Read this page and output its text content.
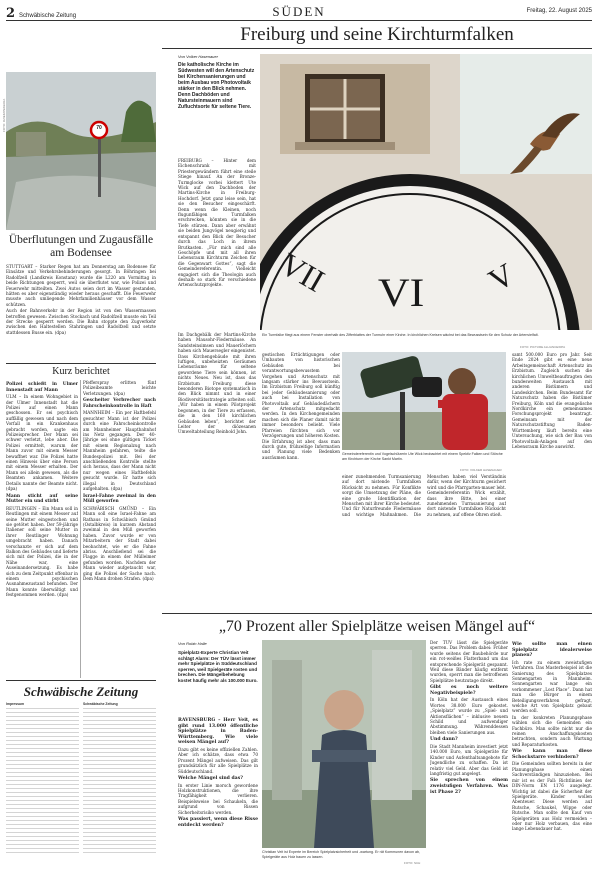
2 Schwäbische Zeitung	SÜDEN	Freitag, 22. August 2025
70
FOTO: DZIEK/PEKERJA
Überflutungen und Zugausfälle am Bodensee

STUTTGART – Starker Regen hat am Donnerstag am Bodensee für Einsätze und Verkehrsbehinderungen gesorgt. In Böhringen bei Radolfzell (Landkreis Konstanz) wurde die L220 am Vormittag in beide Richtungen gesperrt, weil sie überflutet war, wie Polizei und Feuerwehr mitteilten. Zwei Autos seien dort im Wasser gestanden, hätten es aber eigenständig wieder heraus geschafft. Die Feuerwehr musste auch umliegende Mehrfamilienhäuser vor dem Wasser schützen.

Auch der Bahnverkehr in der Region ist von den Wassermassen betroffen gewesen: Zwischen Stockach und Radolfzell musste ein Teil der Strecke gesperrt werden. Die Bahn stoppte den Zugverkehr zwischen den Haltestellen Stahringen und Radolfzell und setzte stattdessen Busse ein. (dpa)

Kurz berichtet
Polizei schießt in Ulmer Innenstadt auf Mann

ULM – In einem Wohngebiet in der Ulmer Innenstadt hat die Polizei auf einen Mann geschossen. Er sei psychisch auffällig gewesen und nach dem Vorfall in ein Krankenhaus gebracht worden, sagte ein Polizeisprecher. Der Mann sei schwer verletzt, lebe aber. Die Polizei ermittelt, warum der Mann zuvor mit einem Messer bewaffnet war. Die Polizei hatte einen Hinweis über eine Person mit einem Messer erhalten. Der Mann sei allein gewesen, als die Beamten ankamen. Weitere Details nannte der Beamte nicht. (dpa)

Mann sticht auf seine Mutter ein und stirbt

REUTLINGEN – Ein Mann soll in Reutlingen mit einem Messer auf seine Mutter eingestochen und sie getötet haben. Der 59-jährige Italiener soll seine Mutter in ihrer Reutlinger Wohnung umgebracht haben. Danach verschanzte er sich auf dem Balkon des Gebäudes und lieferte sich mit der Polizei, die in der Nähe war, eine Auseinandersetzung. Es habe sich zu dem Zeitpunkt offenbar in einem psychischen Ausnahmezustand befunden. Der Mann konnte überwältigt und festgenommen werden. (dpa)

Pfefferspray erlitten fünf Polizeibeamte leichte Verletzungen. (dpa)

Gescheiter Verbrecher nach Fahrscheinkontrolle in Haft

MANNHEIM – Ein per Haftbefehl gesuchter Mann ist der Polizei durch eine Fahrscheinkontrolle am Mannheimer Hauptbahnhof ins Netz gegangen. Der 40-Jährige sei ohne gültigen Ticket mit einem Regionalzug nach Mannheim gefahren, teilte die Bundespolizei mit. Bei der anschließenden Kontrolle stellte sich heraus, dass der Mann nicht nur wegen eines Haftbefehls gesucht wurde. Er hatte sich illegal in Deutschland aufgehalten. (dpa)

Israel-Fahne zweimal in den Müll geworfen

SCHWÄBISCH GMÜND – Ein Mann soll eine Israel-Fahne am Rathaus in Schwäbisch Gmünd (Ostalbkreis) in kurzem Abstand zweimal in den Müll geworfen haben. Zuvor wurde er von Mitarbeitern der Stadt dabei beobachtet, wie er die Fahne abriss. Anschließend sei die Flagge in einem der Mülleimer gefunden worden. Nachdem der Mann wieder aufgetaucht war, ging die Polizei der Sache nach. Dem Mann drohen Strafen. (dpa)

Schwäbische Zeitung
Impressum	Schwäbische Zeitung
Freiburg und seine Kirchturmfalken
Von Volker Hasenauer
Die katholische Kirche im Südwesten will den Artenschutz bei Kirchensanierungen und beim Ausbau von Photovoltaik stärker in den Blick nehmen. Denn Dachböden und Natursteinmauern sind Zufluchtsorte für seltene Tiere.

FREIBURG – Hinter dem Eichenschrank mit Priestergewändern führt eine steile Stiege hinauf. An der Bronze-Turmglocke vorbei klettert Ute Wick auf den Dachboden der Martins-Kirche in Freiburg-Hochdorf. Jetzt ganz leise sein, hat sie den Besucher eingeschärft. Denn wenn die Kleinen, noch flugunfähigen Turmfalken erschrecken, könnten sie in die Tiefe stürzen. Dann aber erwähnt sie beiden Jungvögel neugierig und entspannt den Blick der Besucher durch das Loch in ihrem Brutkasten. „Für mich sind alle Geschöpfe und mit all ihren Lebensraum Kirchturm Zeichen für die Gegenwart Gottes“, sagt die Gemeindereferentin. Vielleicht engagiert sich die Theologin auch deshalb so stark für verschiedene Artenschutzprojekte.	VI
VII	V
Ein Turmfalke fliegt aus einem Fenster oberhalb des Zifferblattes der Turmuhr einer Kirche. In kirchlichen Kreisen wächst bei das Bewusstsein für den Schutz der Artenvielfalt.
FOTO: PICTURE ALLIANCE/DPA

Im Dachgebälk der Martins-Kirche haben Mausohr-Fledermäuse. An Sandsteinsimsen und Mauerlöchern haben sich Mauersegler eingenistet. Dass Kirchengebäude mit ihren luftigen, unbeheizten Geräumen Lebensräume für seltene gewordene Tiere sein können, ist nichts Neues. Neu ist, dass das Erzbistum Freiburg diese besonderen Biotope systematisch in den Blick nimmt und in einer Biodiversitätsstrategie arbeiten soll. „Wir haben in einem Pilotprojekt begonnen, in der Tiere zu erfassen, die in den 160 kirchlichen Gebäuden leben“, berichtet der Leiter der diözesanen Umweltabteilung Reinhold John.

gestischen Ertüchtigungen oder Umbauten von historischen Gebäuden bei verantwortungsbewusstem Vorgehen und Artenschutz mit langsam stärker ins Bewusstsein. Im Erzbistum Freiburg soll künftig bei jeder Gebäudesanierung oder auch bei Installation von Photovoltaik auf Gebäudedächern der Artenschutz mitgedacht werden. In den Kirchengemeinden machen sich die Planer damit nicht immer besonders beliebt. Viele Pfarreien fürchten sich vor Verzögerungen und höheren Kosten. Die Erfahrung ist aber, dass man durch gute, frühzeitige Information und Planung viele Bedenken ausräumen kann.

Gemeindereferentin und Vogelschützerin Ute Wick beobachtet mit einem Spektiv Falken und Störche am Kirchturm der Kirche Sankt Martin.
FOTO: VOLKER HASENAUER

einer zunehmenden Turmsanierung auf dort nistende Turmfalken Rücksicht zu nehmen. Für Konflikte sorgt die Umsetzung der Pläne, die eine große Identifikation der Menschen mit ihrer Kirche bedeutet. Und für Naturfreunde Fledermäuse und wichtige Maßnahmen. Die Menschen haben viel Verständnis dafür, wenn der Kirchturm gesichert wird und die Pfarrgarten-mauer lebt. Gemeindereferentin Wick erzählt, dass ihre Bitte, bei einer zunehmenden Turmsanierung auf dort nistende Turmfalken Rücksicht zu nehmen, auf offene Ohren stieß.

samt 500.000 Euro pro Jahr. Seit Ende 2024 gibt es eine neue Arbeitsgemeinschaft Artenschutz im Erzbistum. Zugleich suchen die kirchlichen Umweltbeauftragten den bundesweiten Austausch mit anderen Bistümern und Landeskirchen. Beim Bundesamt für Naturschutz haben die Bistümer Freiburg, Köln und die evangelische Nordkirche ein gemeinsames Forschungsprojekt beantragt. Gemeinsam mit der Naturschutzstiftung Baden-Württemberg läuft bereits eine Untersuchung, wie sich der Bau von Photovoltaik-Anlagen auf den Lebensraum Kirche auswirkt.

„70 Prozent aller Spielplätze weisen Mängel auf“
Von Robin Halle
Spielplatz-Experte Christian Veit schlägt Alarm: Der TÜV lässt immer mehr Spielplätze in Süddeutschland sperren, weil Spielgeräte rosten und brechen. Die Mängelbehebung kostet häufig mehr als 100.000 Euro.
RAVENSBURG – Herr Veit, es gibt rund 13.000 öffentliche Spielplätze in Baden-Württemberg. Wie viele weisen Mängel auf?

Dazu gibt es keine offiziellen Zahlen. Aber ich schätze, dass etwa 70 Prozent Mängel aufweisen. Das gilt grundsätzlich für alle Spielplätze in Süddeutschland.

Welche Mängel sind das?

In erster Linie morsch gewordene Holzkonstruktionen, die ihre Tragfähigkeit verlieren. Beispielsweise bei Schaukeln, die aufgrund von Rissen Sicherheitsrisiko werden.

Was passiert, wenn diese Risse entdeckt werden?
Christian Veit ist Experte im Bereich Spielplatzsicherheit und -wartung. Er rät Kommunen davon ab, Spielgeräte aus Holz bauen zu lassen.
FOTO: SCH

Der TÜV lässt die Spielgeräte sperren. Das Problem dabei: Früher wurde seitens der Baubehörde nur ein rot-weißes Flatterband um das entsprechende Spielgerät gespannt. Weil diese Bänder häufig entfernt wurden, sperrt man die betroffenen Spielplätze heutzutage direkt.

Gibt es noch weitere Negativbeispiele?

In Köln hat der Austausch eines Wortes 38.000 Euro gekostet. „Spielplatz“ wurde zu „Spiel- und Aktionsflächen“ – inklusive neuem Schild und aufwendiger Abstimmung. Währenddessen bleiben viele Sanierungen aus.

Und dann?

Die Stadt Mannheim investiert jetzt 140.000 Euro, um Spielgeräte für Kinder und Aufenthaltsangebote für Jugendliche zu schaffen. Da ist relativ viel Geld. Aber das Geld ist langfristig gut angelegt.

Sie sprechen von einem zweistufigen Verfahren. Was ist Phase 2?
Wie sollte man einen Spielplatz idealerweise planen?

Ich rate zu einem zweistufigen Verfahren. Das Masterbeispiel ist die Sanierung des Spielplatzes Sonnengarten in Mannheim. Sonnengarten war lange ein verkommener „Lost Place“. Dann hat man die Bürger in einem Beteiligungsverfahren gefragt, welche Art von Spielplatz gebaut werden soll.

In der konkreten Planungsphase wählen sich die Gemeinden ein Fachbüro. Man sollte nicht nur die reinen Anschaffungskosten betrachten, sondern auch Wartung und Reparaturkosten.

Wie kann man diese Schockstarre verhindern?

Die Gemeinden sollten bereits in der Planungsphase einen Sachverständigen hinzuziehen. Bei mir ist es der Fall: Richtlinien der DIN-Norm EN 1176 ausgelegt. Wichtig ist dabei die Sicherheit der Spielgeräte. Kinder wollen Abenteuer. Diese werden auf Rutsche, Schaukel, Wippe oder Rutsche. Man sollte den Kauf von Spielgeräten aus Holz vermeiden – oder nur Holz verbauen, das eine lange Lebensdauer hat.
